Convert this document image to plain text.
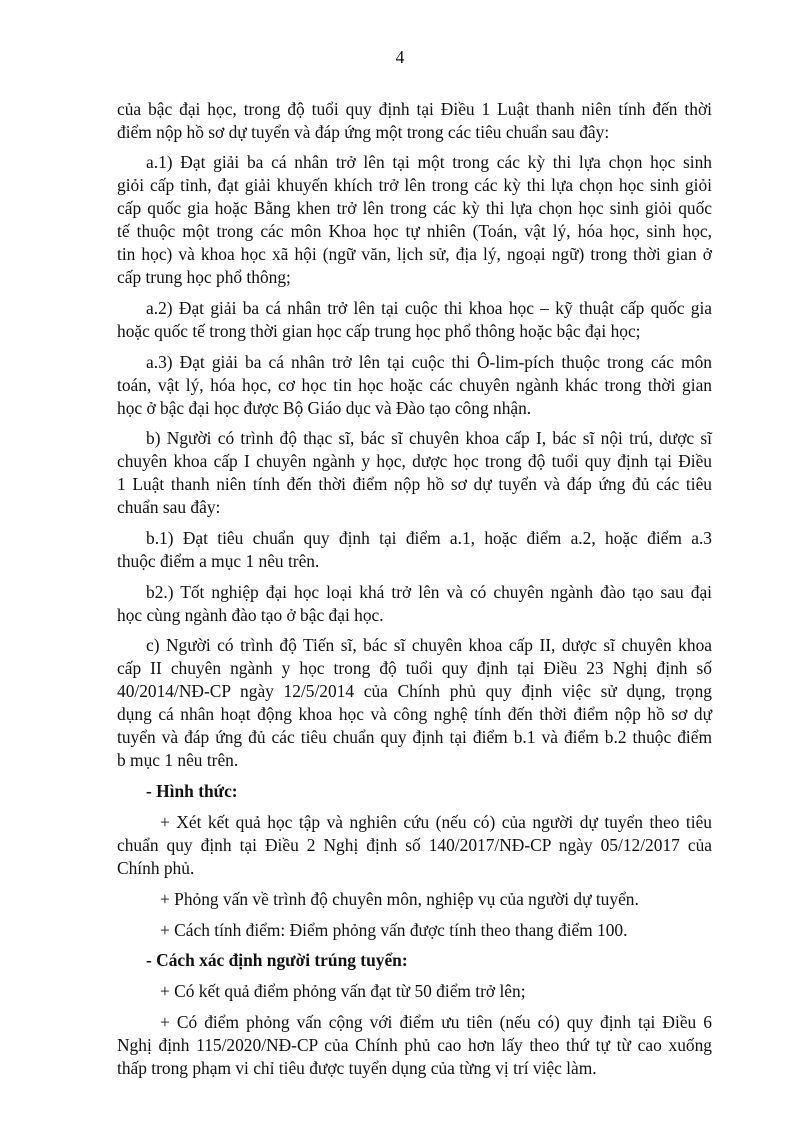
4

của bậc đại học, trong độ tuổi quy định tại Điều 1 Luật thanh niên tính đến thời

điểm nộp hồ sơ dự tuyển và đáp ứng một trong các tiêu chuẩn sau đây:

a.1) Đạt giải ba cá nhân trở lên tại một trong các kỳ thi lựa chọn học sinh

giỏi cấp tỉnh, đạt giải khuyến khích trở lên trong các kỳ thi lựa chọn học sinh giỏi

cấp quốc gia hoặc Bằng khen trở lên trong các kỳ thi lựa chọn học sinh giỏi quốc

tế thuộc một trong các môn Khoa học tự nhiên (Toán, vật lý, hóa học, sinh học,

tin học) và khoa học xã hội (ngữ văn, lịch sử, địa lý, ngoại ngữ) trong thời gian ở

cấp trung học phổ thông;

a.2) Đạt giải ba cá nhân trở lên tại cuộc thi khoa học – kỹ thuật cấp quốc gia

hoặc quốc tế trong thời gian học cấp trung học phổ thông hoặc bậc đại học;

a.3) Đạt giải ba cá nhân trở lên tại cuộc thi Ô-lim-pích thuộc trong các môn

toán, vật lý, hóa học, cơ học tin học hoặc các chuyên ngành khác trong thời gian

học ở bậc đại học được Bộ Giáo dục và Đào tạo công nhận.

b) Người có trình độ thạc sĩ, bác sĩ chuyên khoa cấp I, bác sĩ nội trú, dược sĩ

chuyên khoa cấp I chuyên ngành y học, dược học trong độ tuổi quy định tại Điều

1 Luật thanh niên tính đến thời điểm nộp hồ sơ dự tuyển và đáp ứng đủ các tiêu

chuẩn sau đây:

b.1) Đạt tiêu chuẩn quy định tại điểm a.1, hoặc điểm a.2, hoặc điểm a.3

thuộc điểm a mục 1 nêu trên.

b2.) Tốt nghiệp đại học loại khá trở lên và có chuyên ngành đào tạo sau đại

học cùng ngành đào tạo ở bậc đại học.

c) Người có trình độ Tiến sĩ, bác sĩ chuyên khoa cấp II, dược sĩ chuyên khoa

cấp II chuyên ngành y học trong độ tuổi quy định tại Điều 23 Nghị định số

40/2014/NĐ-CP ngày 12/5/2014 của Chính phủ quy định việc sử dụng, trọng

dụng cá nhân hoạt động khoa học và công nghệ tính đến thời điểm nộp hồ sơ dự

tuyển và đáp ứng đủ các tiêu chuẩn quy định tại điểm b.1 và điểm b.2 thuộc điểm

b mục 1 nêu trên.

- Hình thức:

+ Xét kết quả học tập và nghiên cứu (nếu có) của người dự tuyển theo tiêu

chuẩn quy định tại Điều 2 Nghị định số 140/2017/NĐ-CP ngày 05/12/2017 của

Chính phủ.

+ Phỏng vấn về trình độ chuyên môn, nghiệp vụ của người dự tuyển.

+ Cách tính điểm: Điểm phỏng vấn được tính theo thang điểm 100.

- Cách xác định người trúng tuyển:

+ Có kết quả điểm phỏng vấn đạt từ 50 điểm trở lên;

+ Có điểm phỏng vấn cộng với điểm ưu tiên (nếu có) quy định tại Điều 6

Nghị định 115/2020/NĐ-CP của Chính phủ cao hơn lấy theo thứ tự từ cao xuống

thấp trong phạm vi chỉ tiêu được tuyển dụng của từng vị trí việc làm.
